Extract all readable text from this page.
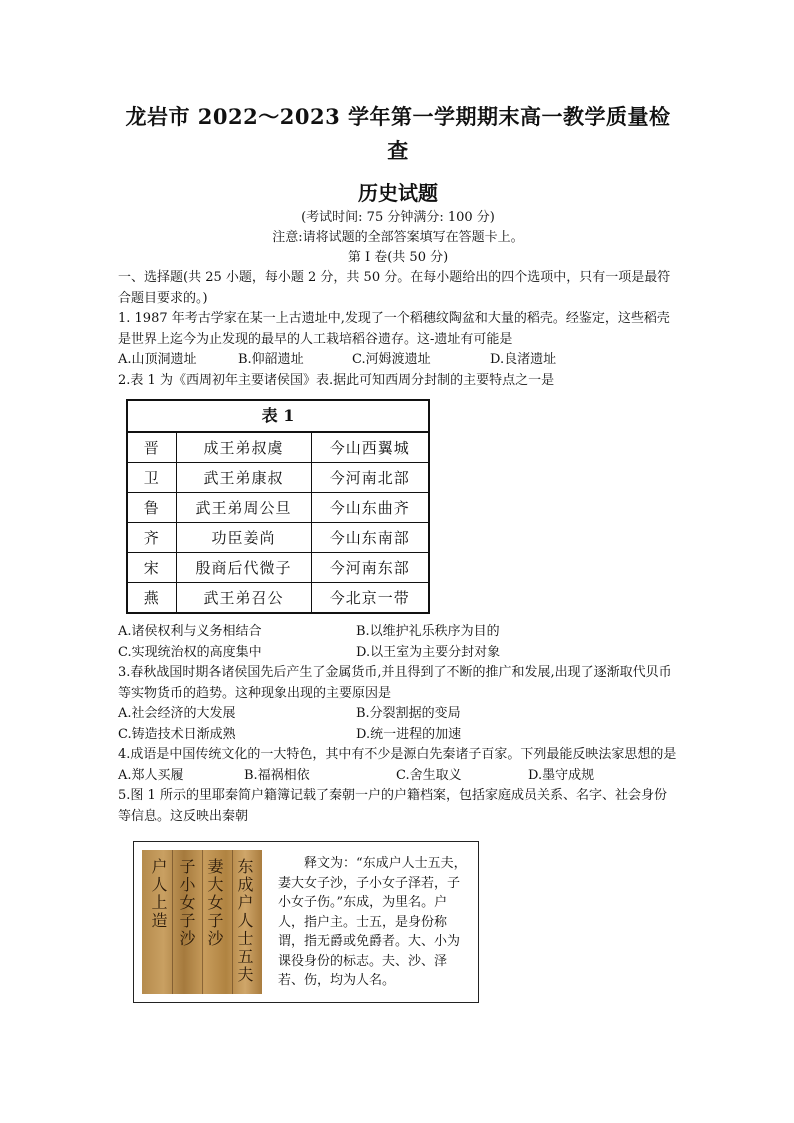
龙岩市 2022～2023 学年第一学期期末高一教学质量检查
历史试题
(考试时间: 75 分钟满分: 100 分)
注意:请将试题的全部答案填写在答题卡上。
第 I 卷(共 50 分)

一、选择题(共 25 小题，每小题 2 分，共 50 分。在每小题给出的四个选项中，只有一项是最符合题目要求的。)

1. 1987 年考古学家在某一上古遗址中,发现了一个稻穗纹陶盆和大量的稻壳。经鉴定，这些稻壳是世界上迄今为止发现的最早的人工栽培稻谷遗存。这-遗址有可能是

A.山顶洞遗址	B.仰韶遗址	C.河姆渡遗址	D.良渚遗址

2.表 1 为《西周初年主要诸侯国》表.据此可知西周分封制的主要特点之一是

表 1
晋	成王弟叔虞	今山西翼城
卫	武王弟康叔	今河南北部
鲁	武王弟周公旦	今山东曲齐
齐	功臣姜尚	今山东南部
宋	殷商后代微子	今河南东部
燕	武王弟召公	今北京一带
A.诸侯权利与义务相结合	B.以维护礼乐秩序为目的
C.实现统治权的高度集中	D.以王室为主要分封对象

3.春秋战国时期各诸侯国先后产生了金属货币,并且得到了不断的推广和发展,出现了逐渐取代贝币等实物货币的趋势。这种现象出现的主要原因是

A.社会经济的大发展	B.分裂割据的变局
C.铸造技术日渐成熟	D.统一进程的加速

4.成语是中国传统文化的一大特色，其中有不少是源白先秦诸子百家。下列最能反映法家思想的是

A.郑人买履	B.福祸相依	C.舍生取义	D.墨守成规

5.图 1 所示的里耶秦简户籍簿记载了秦朝一户的户籍档案，包括家庭成员关系、名字、社会身份等信息。这反映出秦朝

户人上造 子小女子沙 妻大女子沙 东成户人士五夫	释文为：“东成户人士五夫，妻大女子沙，子小女子泽若，子小女子伤。”东成，为里名。户人，指户主。士五，是身份称谓，指无爵或免爵者。大、小为课役身份的标志。夫、沙、泽若、伤，均为人名。
